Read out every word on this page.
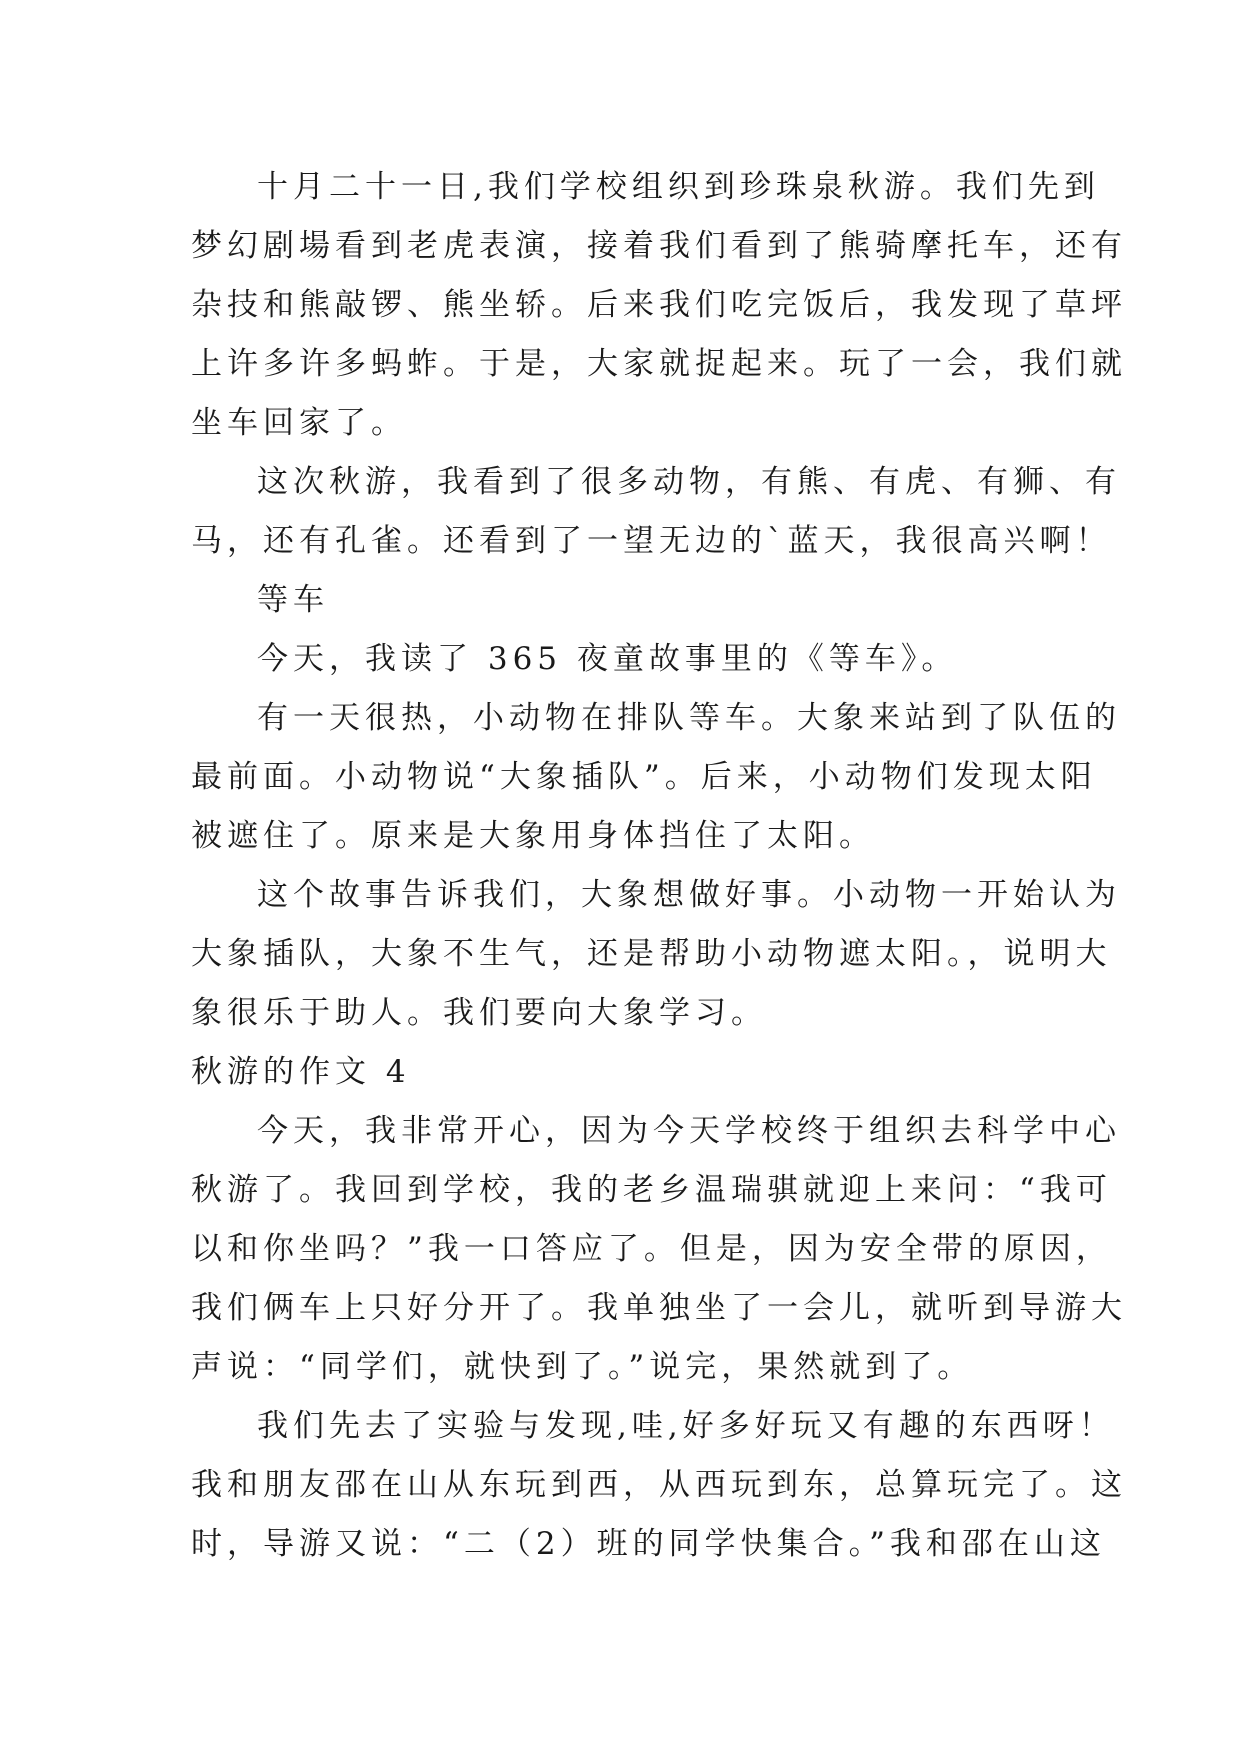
十月二十一日,我们学校组织到珍珠泉秋游。我们先到
梦幻剧場看到老虎表演，接着我们看到了熊骑摩托车，还有
杂技和熊敲锣、熊坐轿。后来我们吃完饭后，我发现了草坪
上许多许多蚂蚱。于是，大家就捉起来。玩了一会，我们就
坐车回家了。
这次秋游，我看到了很多动物，有熊、有虎、有狮、有
马，还有孔雀。还看到了一望无边的`蓝天，我很高兴啊！
等车
今天，我读了 365 夜童故事里的《等车》。
有一天很热，小动物在排队等车。大象来站到了队伍的
最前面。小动物说“大象插队”。后来，小动物们发现太阳
被遮住了。原来是大象用身体挡住了太阳。
这个故事告诉我们，大象想做好事。小动物一开始认为
大象插队，大象不生气，还是帮助小动物遮太阳。，说明大
象很乐于助人。我们要向大象学习。
秋游的作文 4
今天，我非常开心，因为今天学校终于组织去科学中心
秋游了。我回到学校，我的老乡温瑞骐就迎上来问：“我可
以和你坐吗？”我一口答应了。但是，因为安全带的原因，
我们俩车上只好分开了。我单独坐了一会儿，就听到导游大
声说：“同学们，就快到了。”说完，果然就到了。
我们先去了实验与发现,哇,好多好玩又有趣的东西呀！
我和朋友邵在山从东玩到西，从西玩到东，总算玩完了。这
时，导游又说：“二（2）班的同学快集合。”我和邵在山这
